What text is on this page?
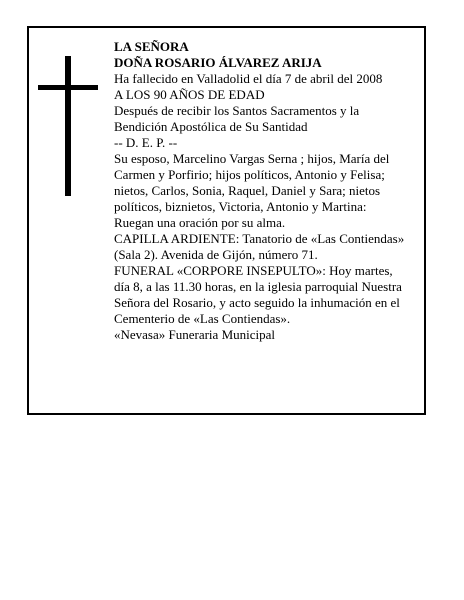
LA SEÑORA

DOÑA ROSARIO ÁLVAREZ ARIJA

Ha fallecido en Valladolid el día 7 de abril del 2008

A LOS 90 AÑOS DE EDAD

Después de recibir los Santos Sacramentos y la

Bendición Apostólica de Su Santidad

-- D. E. P. --

Su esposo, Marcelino Vargas Serna ; hijos, María del

Carmen y Porfirio; hijos políticos, Antonio y Felisa;

nietos, Carlos, Sonia, Raquel, Daniel y Sara; nietos

políticos, biznietos, Victoria, Antonio y Martina:

Ruegan una oración por su alma.

CAPILLA ARDIENTE: Tanatorio de «Las Contiendas»

(Sala 2). Avenida de Gijón, número 71.

FUNERAL «CORPORE INSEPULTO»: Hoy martes,

día 8, a las 11.30 horas, en la iglesia parroquial Nuestra

Señora del Rosario, y acto seguido la inhumación en el

Cementerio de «Las Contiendas».

«Nevasa» Funeraria Municipal
